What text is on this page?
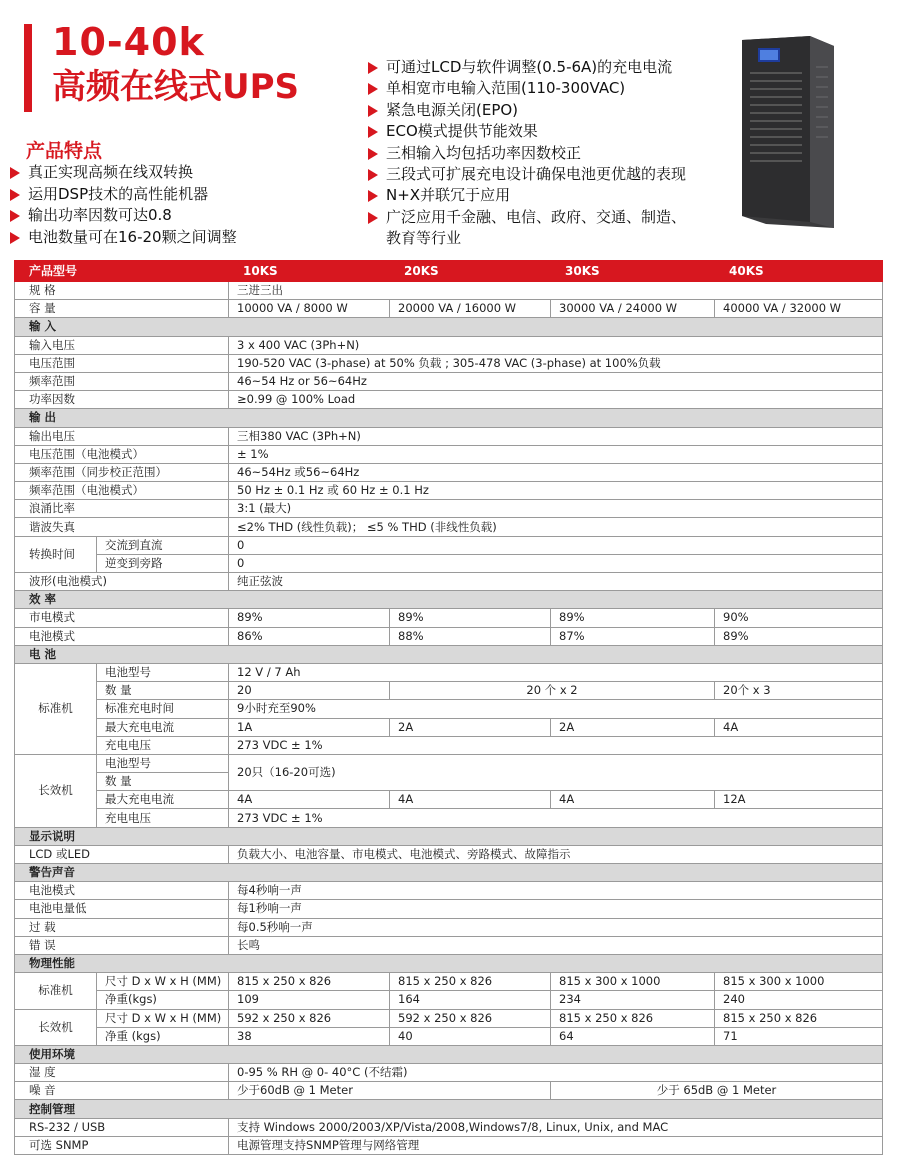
10-40k
高频在线式UPS
产品特点
真正实现高频在线双转换
运用DSP技术的高性能机器
输出功率因数可达0.8
电池数量可在16-20颗之间调整
可通过LCD与软件调整(0.5-6A)的充电电流
单相宽市电输入范围(110-300VAC)
紧急电源关闭(EPO)
ECO模式提供节能效果
三相输入均包括功率因数校正
三段式可扩展充电设计确保电池更优越的表现
N+X并联冗于应用
广泛应用千金融、电信、政府、交通、制造、
教育等行业
产品型号		10KS	20KS	30KS	40KS
规 格		三进三出			
容 量		10000 VA / 8000 W	20000 VA / 16000 W	30000 VA / 24000 W	40000 VA / 32000 W
输 入					
输入电压		3 x 400 VAC (3Ph+N)			
电压范围		190-520 VAC (3-phase) at 50% 负载 ; 305-478 VAC (3-phase) at 100%负载			
频率范围		46~54 Hz or 56~64Hz			
功率因数		≥0.99 @ 100% Load			
输 出					
输出电压		三相380 VAC (3Ph+N)			
电压范围（电池模式）		± 1%			
频率范围（同步校正范围）		46~54Hz 或56~64Hz			
频率范围（电池模式）		50 Hz ± 0.1 Hz 或 60 Hz ± 0.1 Hz			
浪涌比率		3:1 (最大)			
谐波失真		≤2% THD (线性负载)； ≤5 % THD (非线性负载)			
转换时间	交流到直流	0			
	逆变到旁路	0			
波形(电池模式)		纯正弦波			
效 率					
市电模式		89%	89%	89%	90%
电池模式		86%	88%	87%	89%
电 池					
标准机	电池型号	12 V / 7 Ah			
	数 量	20	20 个 x 2		20个 x 3
	标准充电时间	9小时充至90%			
	最大充电电流	1A	2A	2A	4A
	充电电压	273 VDC ± 1%			
长效机	电池型号	20只（16-20可选)			
	数 量				
	最大充电电流	4A	4A	4A	12A
	充电电压	273 VDC ± 1%			
显示说明					
LCD 或LED		负载大小、电池容量、市电模式、电池模式、旁路模式、故障指示			
警告声音					
电池模式		每4秒响一声			
电池电量低		每1秒响一声			
过 载		每0.5秒响一声			
错 误		长鸣			
物理性能					
标准机	尺寸 D x W x H (MM)	815 x 250 x 826	815 x 250 x 826	815 x 300 x 1000	815 x 300 x 1000
	净重(kgs)	109	164	234	240
长效机	尺寸 D x W x H (MM)	592 x 250 x 826	592 x 250 x 826	815 x 250 x 826	815 x 250 x 826
	净重 (kgs)	38	40	64	71
使用环境					
湿 度		0-95 % RH @ 0- 40°C (不结霜)			
噪 音		少于60dB @ 1 Meter		少于 65dB @ 1 Meter	
控制管理					
RS-232 / USB		支持 Windows 2000/2003/XP/Vista/2008,Windows7/8, Linux, Unix, and MAC			
可选 SNMP		电源管理支持SNMP管理与网络管理			
